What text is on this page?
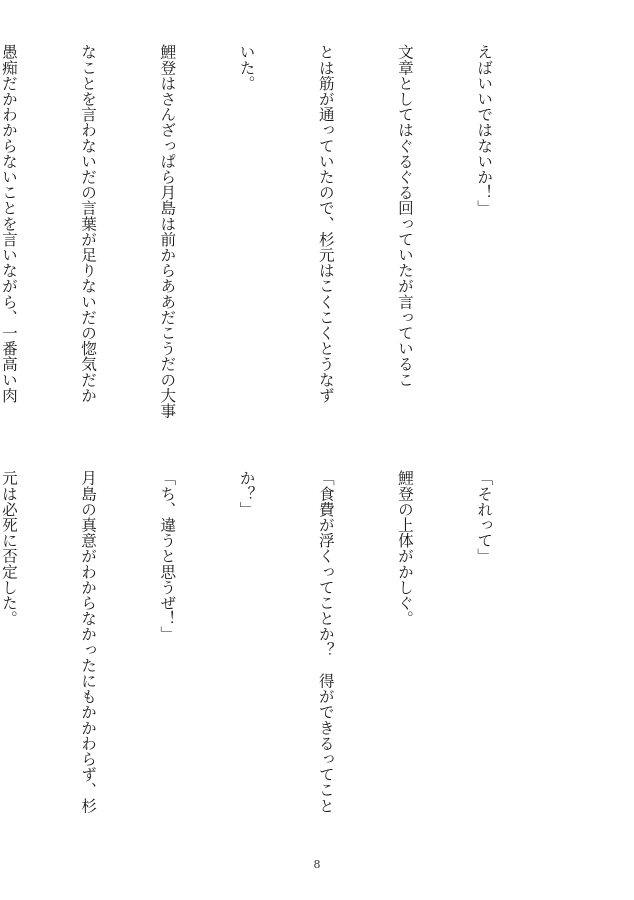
えばいいではないか！」

文章としてはぐるぐる回っていたが言っているこ

とは筋が通っていたので、杉元はこくこくとうなず

いた。

鯉登はさんざっぱら月島は前からああだこうだの大事

なことを言わないだの言葉が足りないだの惚気だか

愚痴だかわからないことを言いながら、一番高い肉

「それって」

鯉登の上体がかしぐ。

「食費が浮くってことか？　得ができるってこと

か？」

「ち、違うと思うぜ！」

月島の真意がわからなかったにもかかわらず、杉

元は必死に否定した。

8
